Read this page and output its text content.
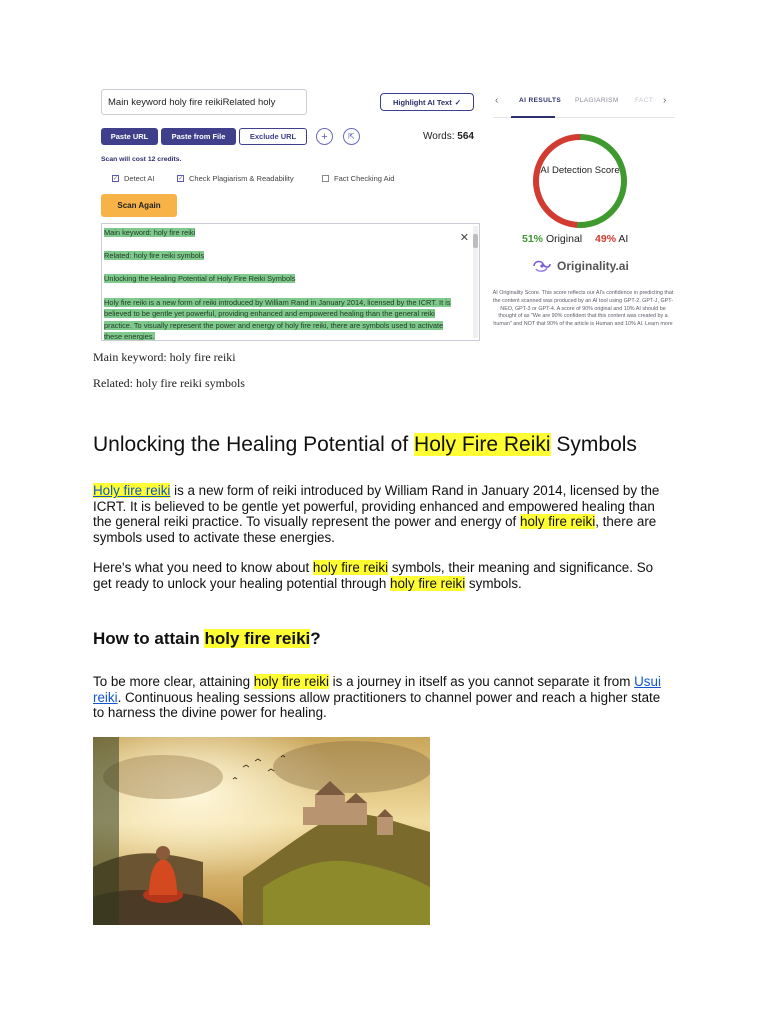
Main keyword holy fire reikiRelated holy	Highlight AI Text ✓	‹	AI RESULTS PLAGIARISM	FACT ›
Paste URL	Paste from File	Exclude URL	+	⇱	Words: 564
Scan will cost 12 credits.
✓ Detect AI	✓ Check Plagiarism & Readability	Fact Checking Aid
Scan Again
Main keyword: holy fire reiki
Related: holy fire reiki symbols
Unlocking the Healing Potential of Holy Fire Reiki Symbols
Holy fire reiki is a new form of reiki introduced by William Rand in January 2014, licensed by the ICRT. It is believed to be gentle yet powerful, providing enhanced and empowered healing than the general reiki practice. To visually represent the power and energy of holy fire reiki, there are symbols used to activate these energies.
✕
AI Detection Score
51% Original 49% AI
Originality.ai
AI Originality Score. This score reflects our AI's confidence in predicting that the content scanned was produced by an AI tool using GPT-2, GPT-J, GPT-NEO, GPT-3 or GPT-4. A score of 90% original and 10% AI should be thought of as "We are 90% confident that this content was created by a human" and NOT that 90% of the article is Human and 10% AI. Learn more
Main keyword: holy fire reiki
Related: holy fire reiki symbols
Unlocking the Healing Potential of Holy Fire Reiki Symbols
Holy fire reiki is a new form of reiki introduced by William Rand in January 2014, licensed by the ICRT. It is believed to be gentle yet powerful, providing enhanced and empowered healing than the general reiki practice. To visually represent the power and energy of holy fire reiki, there are symbols used to activate these energies.
Here's what you need to know about holy fire reiki symbols, their meaning and significance. So get ready to unlock your healing potential through holy fire reiki symbols.
How to attain holy fire reiki?
To be more clear, attaining holy fire reiki is a journey in itself as you cannot separate it from Usui reiki. Continuous healing sessions allow practitioners to channel power and reach a higher state to harness the divine power for healing.
